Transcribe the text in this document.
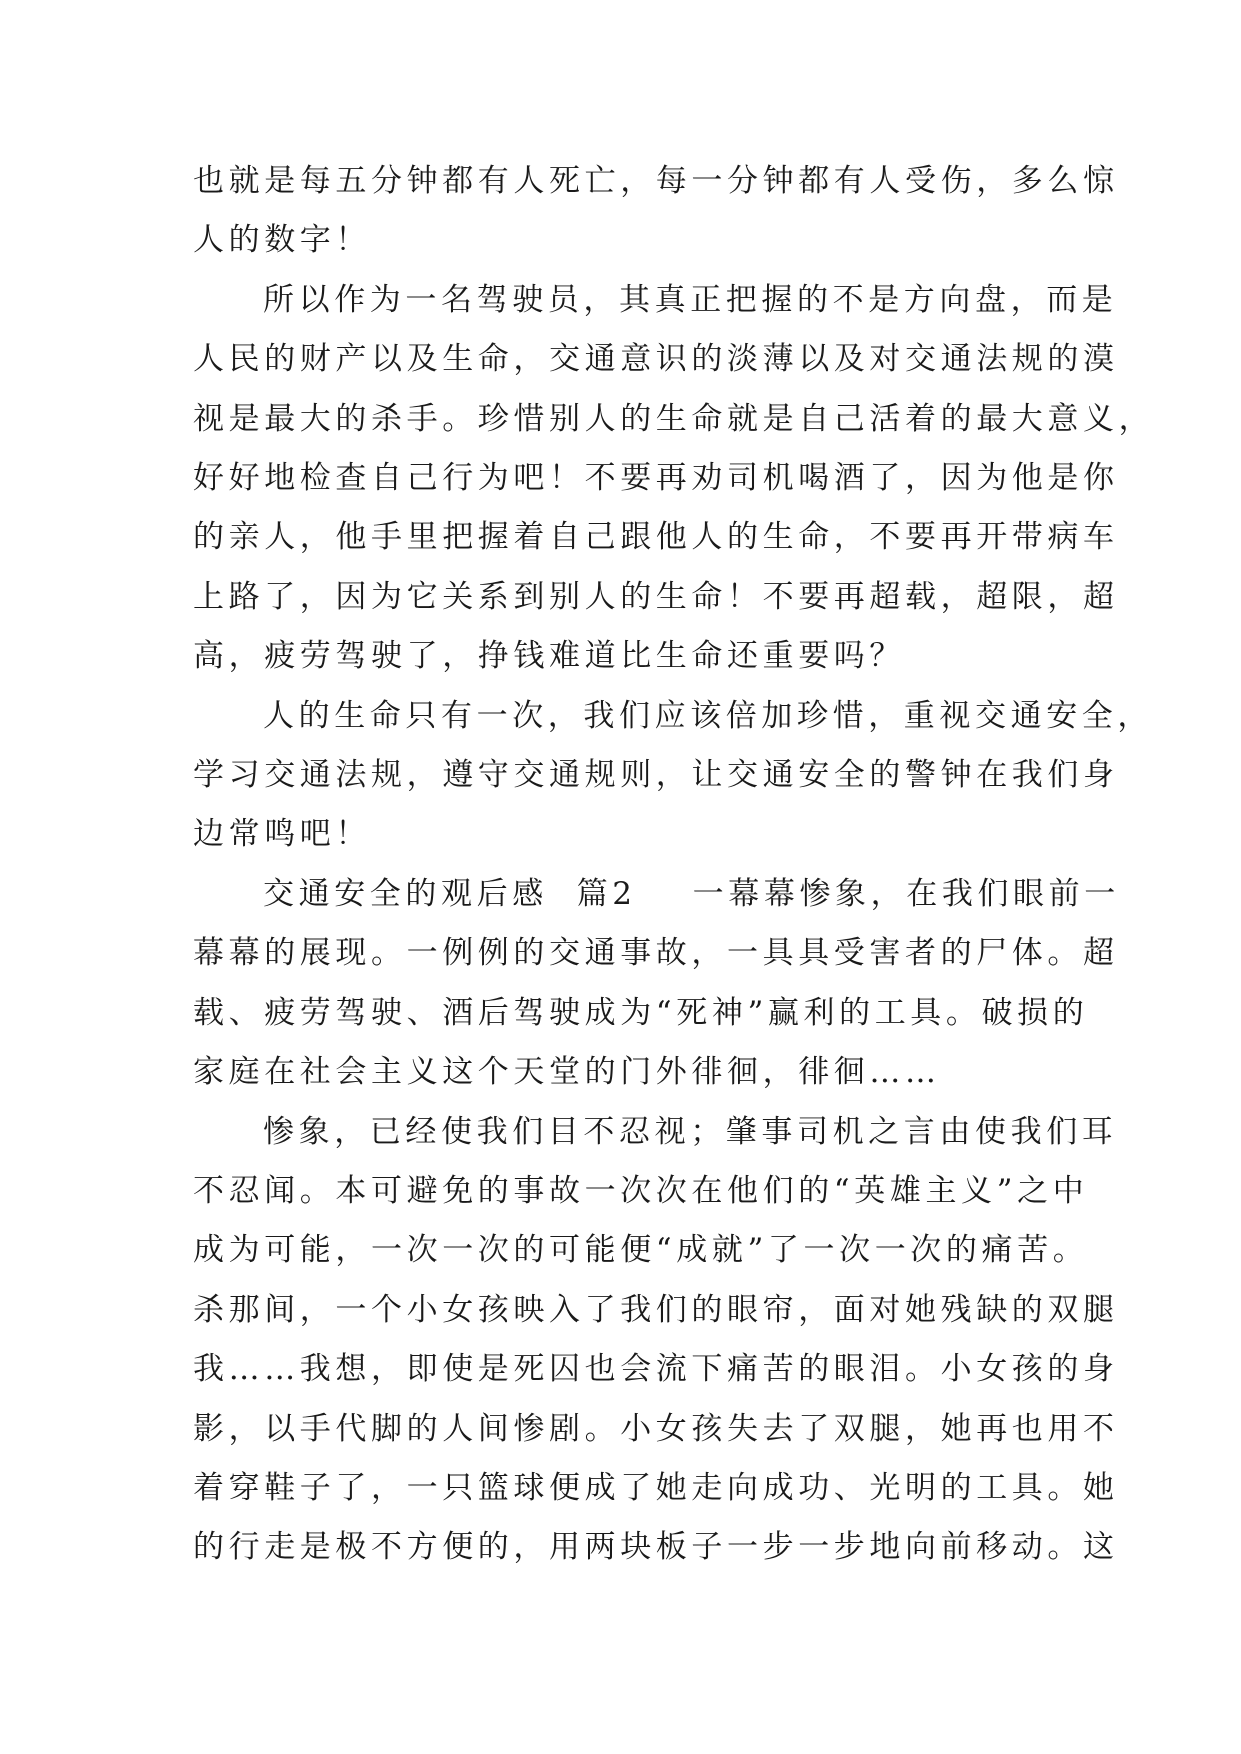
也就是每五分钟都有人死亡，每一分钟都有人受伤，多么惊
人的数字！

所以作为一名驾驶员，其真正把握的不是方向盘，而是
人民的财产以及生命，交通意识的淡薄以及对交通法规的漠
视是最大的杀手。珍惜别人的生命就是自己活着的最大意义，
好好地检查自己行为吧！不要再劝司机喝酒了，因为他是你
的亲人，他手里把握着自己跟他人的生命，不要再开带病车
上路了，因为它关系到别人的生命！不要再超载，超限，超
高，疲劳驾驶了，挣钱难道比生命还重要吗？

人的生命只有一次，我们应该倍加珍惜，重视交通安全，
学习交通法规，遵守交通规则，让交通安全的警钟在我们身
边常鸣吧！

交通安全的观后感  篇2 一幕幕惨象，在我们眼前一
幕幕的展现。一例例的交通事故，一具具受害者的尸体。超
载、疲劳驾驶、酒后驾驶成为“死神”赢利的工具。破损的
家庭在社会主义这个天堂的门外徘徊，徘徊……

惨象，已经使我们目不忍视；肇事司机之言由使我们耳
不忍闻。本可避免的事故一次次在他们的“英雄主义”之中
成为可能，一次一次的可能便“成就”了一次一次的痛苦。
杀那间，一个小女孩映入了我们的眼帘，面对她残缺的双腿
我……我想，即使是死囚也会流下痛苦的眼泪。小女孩的身
影，以手代脚的人间惨剧。小女孩失去了双腿，她再也用不
着穿鞋子了，一只篮球便成了她走向成功、光明的工具。她
的行走是极不方便的，用两块板子一步一步地向前移动。这
